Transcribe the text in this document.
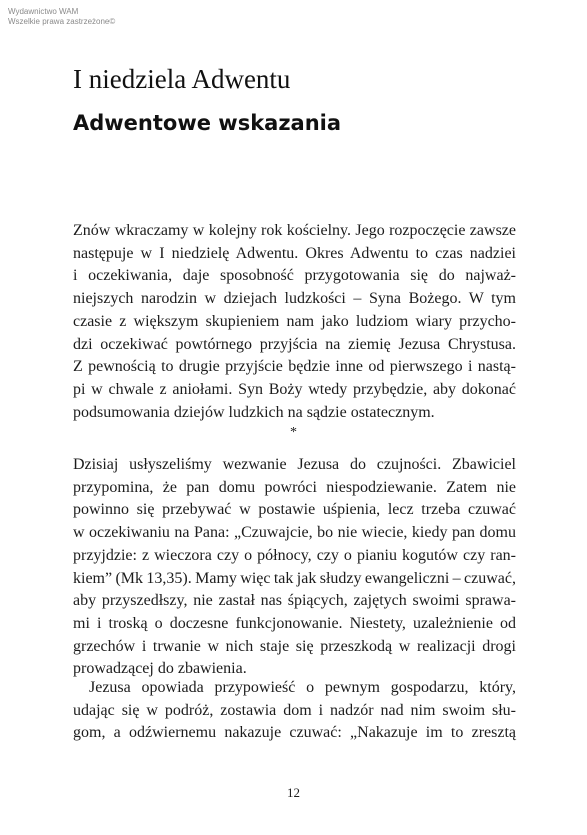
Wydawnictwo WAM
Wszelkie prawa zastrzeżone©
I niedziela Adwentu
Adwentowe wskazania
Znów wkraczamy w kolejny rok kościelny. Jego rozpoczęcie zawsze
następuje w I niedzielę Adwentu. Okres Adwentu to czas nadziei
i oczekiwania, daje sposobność przygotowania się do najważ-
niejszych narodzin w dziejach ludzkości – Syna Bożego. W tym
czasie z większym skupieniem nam jako ludziom wiary przycho-
dzi oczekiwać powtórnego przyjścia na ziemię Jezusa Chrystusa.
Z pewnością to drugie przyjście będzie inne od pierwszego i nastą-
pi w chwale z aniołami. Syn Boży wtedy przybędzie, aby dokonać
podsumowania dziejów ludzkich na sądzie ostatecznym.
*
Dzisiaj usłyszeliśmy wezwanie Jezusa do czujności. Zbawiciel
przypomina, że pan domu powróci niespodziewanie. Zatem nie
powinno się przebywać w postawie uśpienia, lecz trzeba czuwać
w oczekiwaniu na Pana: „Czuwajcie, bo nie wiecie, kiedy pan domu
przyjdzie: z wieczora czy o północy, czy o pianiu kogutów czy ran-
kiem” (Mk 13,35). Mamy więc tak jak słudzy ewangeliczni – czuwać,
aby przyszedłszy, nie zastał nas śpiących, zajętych swoimi sprawa-
mi i troską o doczesne funkcjonowanie. Niestety, uzależnienie od
grzechów i trwanie w nich staje się przeszkodą w realizacji drogi
prowadzącej do zbawienia.
Jezusa opowiada przypowieść o pewnym gospodarzu, który,
udając się w podróż, zostawia dom i nadzór nad nim swoim słu-
gom, a odźwiernemu nakazuje czuwać: „Nakazuje im to zresztą
12
